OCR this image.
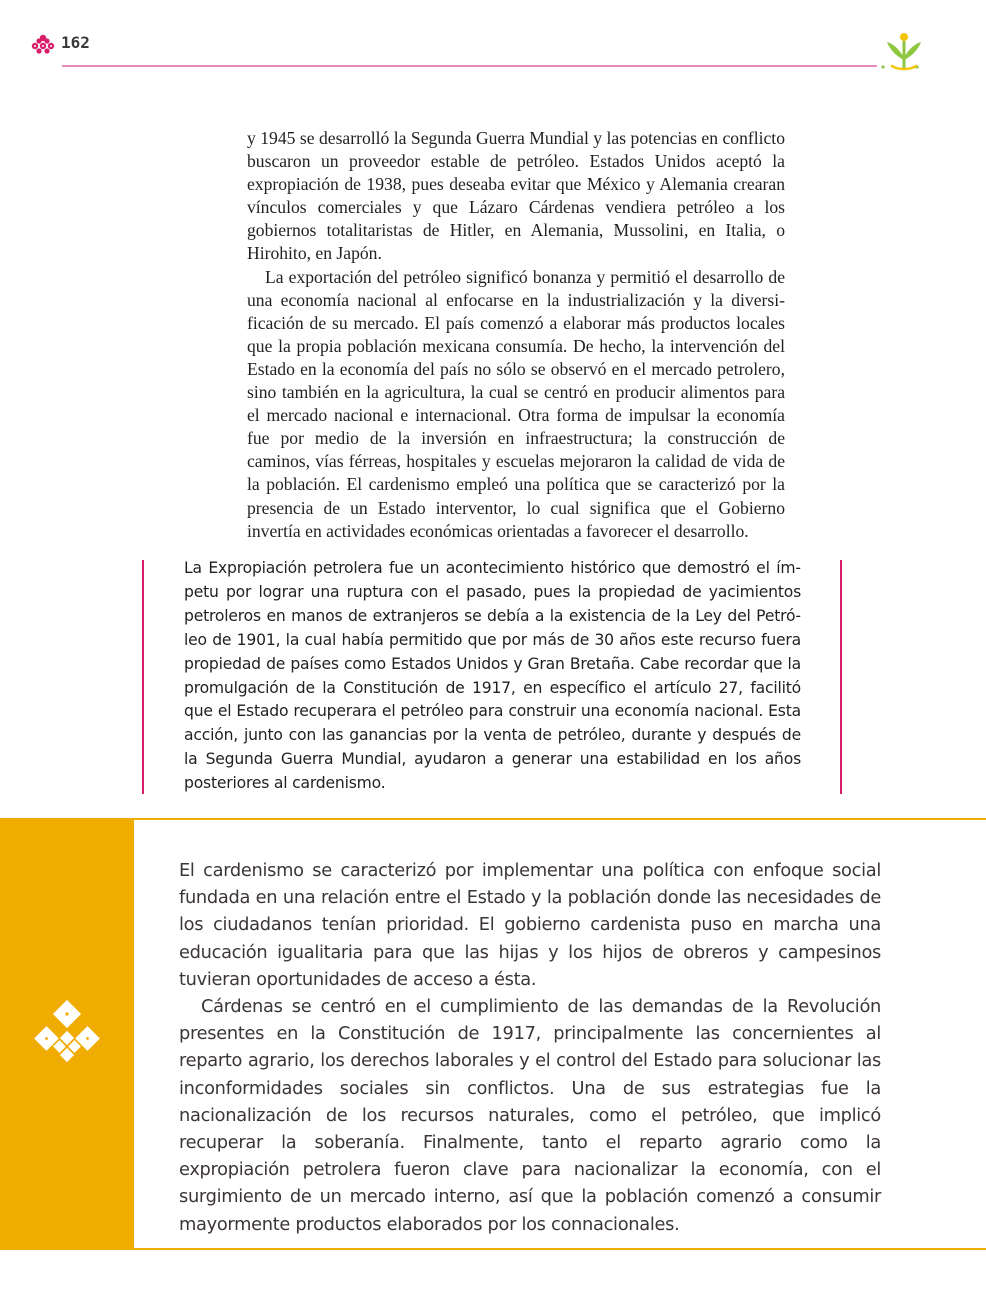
162

y 1945 se desarrolló la Segunda Guerra Mundial y las potencias en conflicto buscaron un proveedor estable de petróleo. Estados Unidos aceptó la expropiación de 1938, pues deseaba evitar que México y Alemania crearan vínculos comerciales y que Lázaro Cárdenas vendiera petróleo a los gobiernos totalitaristas de Hitler, en Alemania, Mussolini, en Italia, o Hirohito, en Japón.

La exportación del petróleo significó bonanza y permitió el desarrollo de una economía nacional al enfocarse en la industrialización y la diversificación de su mercado. El país comenzó a elaborar más productos locales que la propia población mexicana consumía. De hecho, la intervención del Estado en la economía del país no sólo se observó en el mercado petrolero, sino también en la agricultura, la cual se centró en producir alimentos para el mercado nacional e internacional. Otra forma de impulsar la economía fue por medio de la inversión en infraestructura; la construcción de caminos, vías férreas, hospitales y escuelas mejoraron la calidad de vida de la población. El cardenismo empleó una política que se caracterizó por la presencia de un Estado interventor, lo cual significa que el Gobierno invertía en actividades económicas orientadas a favorecer el desarrollo.

La Expropiación petrolera fue un acontecimiento histórico que demostró el ímpetu por lograr una ruptura con el pasado, pues la propiedad de yacimientos petroleros en manos de extranjeros se debía a la existencia de la Ley del Petróleo de 1901, la cual había permitido que por más de 30 años este recurso fuera propiedad de países como Estados Unidos y Gran Bretaña. Cabe recordar que la promulgación de la Constitución de 1917, en específico el artículo 27, facilitó que el Estado recuperara el petróleo para construir una economía nacional. Esta acción, junto con las ganancias por la venta de petróleo, durante y después de la Segunda Guerra Mundial, ayudaron a generar una estabilidad en los años posteriores al cardenismo.

El cardenismo se caracterizó por implementar una política con enfoque social fundada en una relación entre el Estado y la población donde las necesidades de los ciudadanos tenían prioridad. El gobierno cardenista puso en marcha una educación igualitaria para que las hijas y los hijos de obreros y campesinos tuvieran oportunidades de acceso a ésta.

Cárdenas se centró en el cumplimiento de las demandas de la Revolución presentes en la Constitución de 1917, principalmente las concernientes al reparto agrario, los derechos laborales y el control del Estado para solucionar las inconformidades sociales sin conflictos. Una de sus estrategias fue la nacionalización de los recursos naturales, como el petróleo, que implicó recuperar la soberanía. Finalmente, tanto el reparto agrario como la expropiación petrolera fueron clave para nacionalizar la economía, con el surgimiento de un mercado interno, así que la población comenzó a consumir mayormente productos elaborados por los connacionales.
